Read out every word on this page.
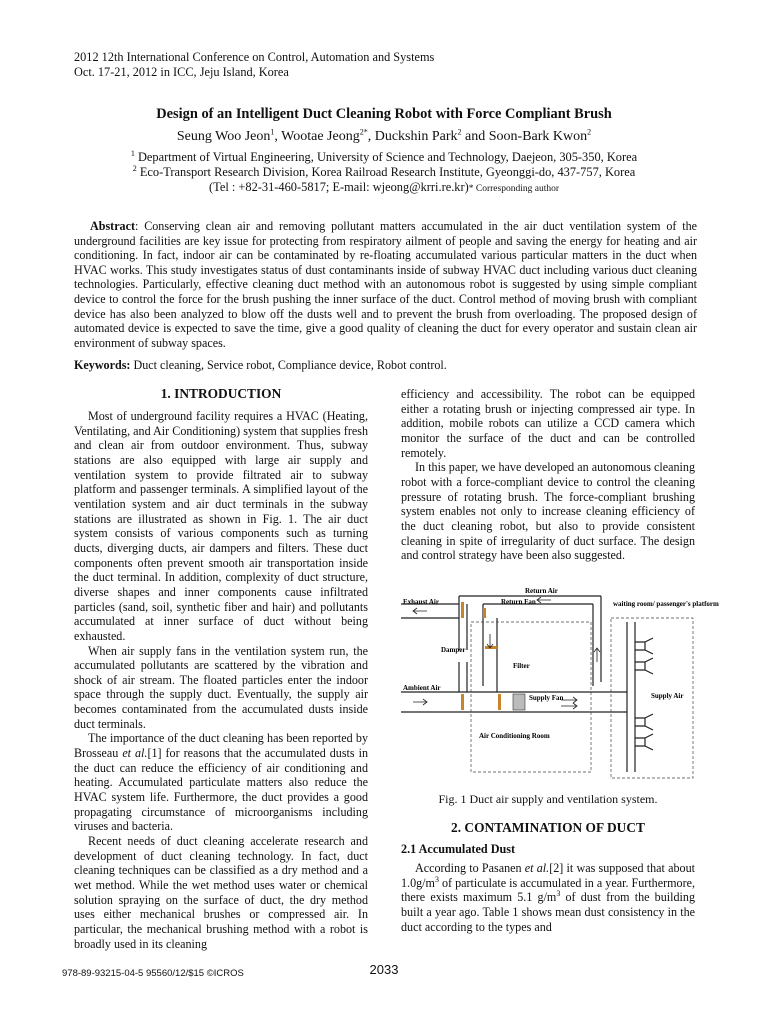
2012 12th International Conference on Control, Automation and Systems
Oct. 17-21, 2012 in ICC, Jeju Island, Korea
Design of an Intelligent Duct Cleaning Robot with Force Compliant Brush
Seung Woo Jeon$^1$, Wootae Jeong$^{2*}$, Duckshin Park$^2$ and Soon-Bark Kwon$^2$
$^1$ Department of Virtual Engineering, University of Science and Technology, Daejeon, 305-350, Korea
$^2$ Eco-Transport Research Division, Korea Railroad Research Institute, Gyeonggi-do, 437-757, Korea
(Tel : +82-31-460-5817; E-mail: wjeong@krri.re.kr)* Corresponding author
Abstract: Conserving clean air and removing pollutant matters accumulated in the air duct ventilation system of the underground facilities are key issue for protecting from respiratory ailment of people and saving the energy for heating and air conditioning. In fact, indoor air can be contaminated by re-floating accumulated various particular matters in the duct when HVAC works. This study investigates status of dust contaminants inside of subway HVAC duct including various duct cleaning technologies. Particularly, effective cleaning duct method with an autonomous robot is suggested by using simple compliant device to control the force for the brush pushing the inner surface of the duct. Control method of moving brush with compliant device has also been analyzed to blow off the dusts well and to prevent the brush from overloading. The proposed design of automated device is expected to save the time, give a good quality of cleaning the duct for every operator and sustain clean air environment of subway spaces.
Keywords: Duct cleaning, Service robot, Compliance device, Robot control.
1. INTRODUCTION

Most of underground facility requires a HVAC (Heating, Ventilating, and Air Conditioning) system that supplies fresh and clean air from outdoor environment. Thus, subway stations are also equipped with large air supply and ventilation system to provide filtrated air to subway platform and passenger terminals. A simplified layout of the ventilation system and air duct terminals in the subway stations are illustrated as shown in Fig. 1. The air duct system consists of various components such as turning ducts, diverging ducts, air dampers and filters. These duct components often prevent smooth air transportation inside the duct terminal. In addition, complexity of duct structure, diverse shapes and inner components cause infiltrated particles (sand, soil, synthetic fiber and hair) and pollutants accumulated at inner surface of duct without being exhausted.

When air supply fans in the ventilation system run, the accumulated pollutants are scattered by the vibration and shock of air stream. The floated particles enter the indoor space through the supply duct. Eventually, the supply air becomes contaminated from the accumulated dusts inside duct terminals.

The importance of the duct cleaning has been reported by Brosseau et al.[1] for reasons that the accumulated dusts in the duct can reduce the efficiency of air conditioning and heating. Accumulated particulate matters also reduce the HVAC system life. Furthermore, the duct provides a good propagating circumstance of microorganisms including viruses and bacteria.

Recent needs of duct cleaning accelerate research and development of duct cleaning technology. In fact, duct cleaning techniques can be classified as a dry method and a wet method. While the wet method uses water or chemical solution spraying on the surface of duct, the dry method uses either mechanical brushes or compressed air. In particular, the mechanical brushing method with a robot is broadly used in its cleaning

efficiency and accessibility. The robot can be equipped either a rotating brush or injecting compressed air type. In addition, mobile robots can utilize a CCD camera which monitor the surface of the duct and can be controlled remotely.

In this paper, we have developed an autonomous cleaning robot with a force-compliant device to control the cleaning pressure of rotating brush. The force-compliant brushing system enables not only to increase cleaning efficiency of the duct cleaning robot, but also to provide consistent cleaning in spite of irregularity of duct surface. The design and control strategy have been also suggested.

Return Air
Exhaust Air	Return Fan
Damper
Filter
Ambient Air
Supply Fan
Air Conditioning Room
waiting room/ passenger's platform
Supply Air
Fig. 1 Duct air supply and ventilation system.
2. CONTAMINATION OF DUCT
2.1 Accumulated Dust

According to Pasanen et al.[2] it was supposed that about $1.0g/m^3$ of particulate is accumulated in a year. Furthermore, there exists maximum 5.1 $g/m^3$ of dust from the building built a year ago. Table 1 shows mean dust consistency in the duct according to the types and

978-89-93215-04-5 95560/12/$15 ©ICROS	2033
